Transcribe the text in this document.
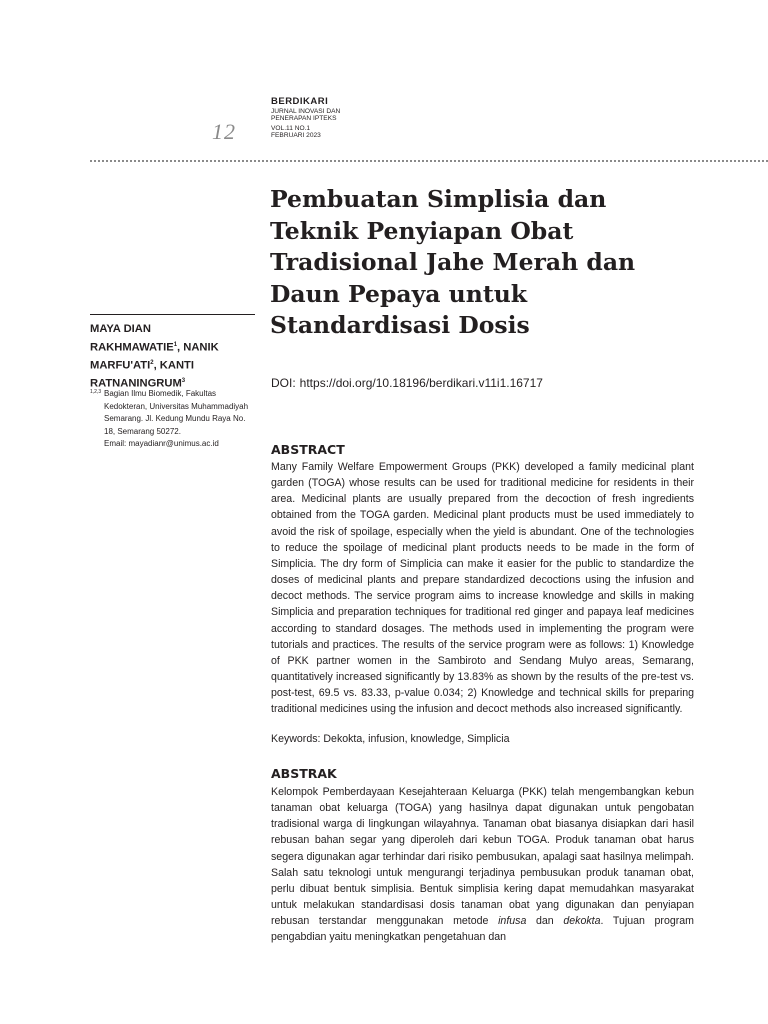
12
BERDIKARI
JURNAL INOVASI DAN PENERAPAN IPTEKS
VOL.11 NO.1
FEBRUARI 2023
Pembuatan Simplisia dan Teknik Penyiapan Obat Tradisional Jahe Merah dan Daun Pepaya untuk Standardisasi Dosis
MAYA DIAN
RAKHMAWATIE$^1$, NANIK
MARFU'ATI$^2$, KANTI
RATNANINGRUM$^3$
1,2,3 Bagian Ilmu Biomedik, Fakultas Kedokteran, Universitas Muhammadiyah Semarang. Jl. Kedung Mundu Raya No. 18, Semarang 50272.
Email: mayadianr@unimus.ac.id
DOI: https://doi.org/10.18196/berdikari.v11i1.16717
ABSTRACT

Many Family Welfare Empowerment Groups (PKK) developed a family medicinal plant garden (TOGA) whose results can be used for traditional medicine for residents in their area. Medicinal plants are usually prepared from the decoction of fresh ingredients obtained from the TOGA garden. Medicinal plant products must be used immediately to avoid the risk of spoilage, especially when the yield is abundant. One of the technologies to reduce the spoilage of medicinal plant products needs to be made in the form of Simplicia. The dry form of Simplicia can make it easier for the public to standardize the doses of medicinal plants and prepare standardized decoctions using the infusion and decoct methods. The service program aims to increase knowledge and skills in making Simplicia and preparation techniques for traditional red ginger and papaya leaf medicines according to standard dosages. The methods used in implementing the program were tutorials and practices. The results of the service program were as follows: 1) Knowledge of PKK partner women in the Sambiroto and Sendang Mulyo areas, Semarang, quantitatively increased significantly by 13.83% as shown by the results of the pre-test vs. post-test, 69.5 vs. 83.33, p-value 0.034; 2) Knowledge and technical skills for preparing traditional medicines using the infusion and decoct methods also increased significantly.

Keywords: Dekokta, infusion, knowledge, Simplicia
ABSTRAK

Kelompok Pemberdayaan Kesejahteraan Keluarga (PKK) telah mengembangkan kebun tanaman obat keluarga (TOGA) yang hasilnya dapat digunakan untuk pengobatan tradisional warga di lingkungan wilayahnya. Tanaman obat biasanya disiapkan dari hasil rebusan bahan segar yang diperoleh dari kebun TOGA. Produk tanaman obat harus segera digunakan agar terhindar dari risiko pembusukan, apalagi saat hasilnya melimpah. Salah satu teknologi untuk mengurangi terjadinya pembusukan produk tanaman obat, perlu dibuat bentuk simplisia. Bentuk simplisia kering dapat memudahkan masyarakat untuk melakukan standardisasi dosis tanaman obat yang digunakan dan penyiapan rebusan terstandar menggunakan metode infusa dan dekokta. Tujuan program pengabdian yaitu meningkatkan pengetahuan dan
